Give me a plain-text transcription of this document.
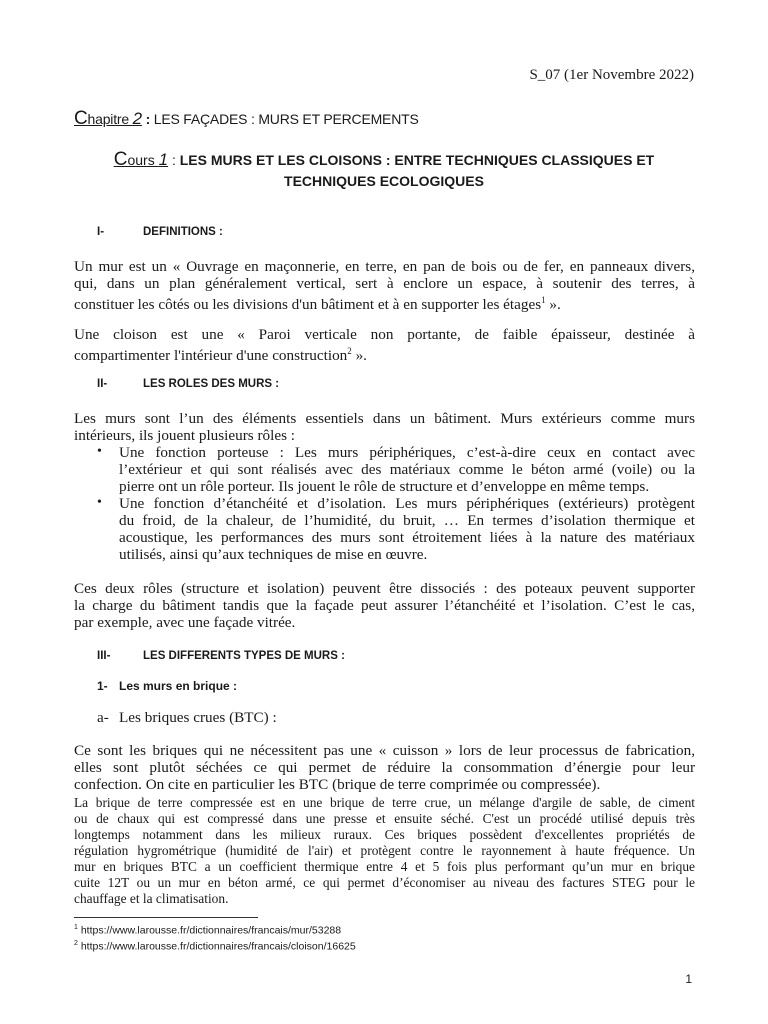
S_07 (1er Novembre 2022)
Chapitre 2 : LES FAÇADES : MURS ET PERCEMENTS
Cours 1 : LES MURS ET LES CLOISONS : ENTRE TECHNIQUES CLASSIQUES ET
TECHNIQUES ECOLOGIQUES
I-	DEFINITIONS :
Un mur est un « Ouvrage en maçonnerie, en terre, en pan de bois ou de fer, en panneaux divers,
qui, dans un plan généralement vertical, sert à enclore un espace, à soutenir des terres, à
constituer les côtés ou les divisions d'un bâtiment et à en supporter les étages$^1$ ».
Une cloison est une « Paroi verticale non portante, de faible épaisseur, destinée à
compartimenter l'intérieur d'une construction$^2$ ».
II-	LES ROLES DES MURS :
Les murs sont l’un des éléments essentiels dans un bâtiment. Murs extérieurs comme murs
intérieurs, ils jouent plusieurs rôles :
• Une fonction porteuse : Les murs périphériques, c’est-à-dire ceux en contact avec
l’extérieur et qui sont réalisés avec des matériaux comme le béton armé (voile) ou la
pierre ont un rôle porteur. Ils jouent le rôle de structure et d’enveloppe en même temps.
• Une fonction d’étanchéité et d’isolation. Les murs périphériques (extérieurs) protègent
du froid, de la chaleur, de l’humidité, du bruit, … En termes d’isolation thermique et
acoustique, les performances des murs sont étroitement liées à la nature des matériaux
utilisés, ainsi qu’aux techniques de mise en œuvre.
Ces deux rôles (structure et isolation) peuvent être dissociés : des poteaux peuvent supporter
la charge du bâtiment tandis que la façade peut assurer l’étanchéité et l’isolation. C’est le cas,
par exemple, avec une façade vitrée.
III-	LES DIFFERENTS TYPES DE MURS :
1- Les murs en brique :
a- Les briques crues (BTC) :
Ce sont les briques qui ne nécessitent pas une « cuisson » lors de leur processus de fabrication,
elles sont plutôt séchées ce qui permet de réduire la consommation d’énergie pour leur
confection. On cite en particulier les BTC (brique de terre comprimée ou compressée).
La brique de terre compressée est en une brique de terre crue, un mélange d'argile de sable, de ciment
ou de chaux qui est compressé dans une presse et ensuite séché. C'est un procédé utilisé depuis très
longtemps notamment dans les milieux ruraux. Ces briques possèdent d'excellentes propriétés de
régulation hygrométrique (humidité de l'air) et protègent contre le rayonnement à haute fréquence. Un
mur en briques BTC a un coefficient thermique entre 4 et 5 fois plus performant qu’un mur en brique
cuite 12T ou un mur en béton armé, ce qui permet d’économiser au niveau des factures STEG pour le
chauffage et la climatisation.
$^1$ https://www.larousse.fr/dictionnaires/francais/mur/53288
$^2$ https://www.larousse.fr/dictionnaires/francais/cloison/16625
1
